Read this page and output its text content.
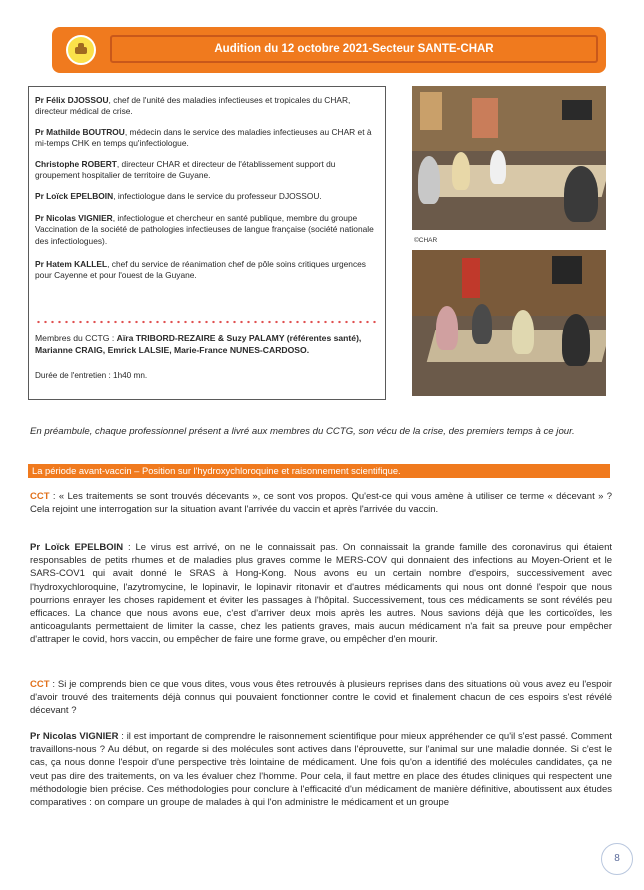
Audition du 12 octobre 2021-Secteur SANTE-CHAR
Pr Félix DJOSSOU, chef de l'unité des maladies infectieuses et tropicales du CHAR, directeur médical de crise.
Pr Mathilde BOUTROU, médecin dans le service des maladies infectieuses au CHAR et à mi-temps CHK en temps qu'infectiologue.
Christophe ROBERT, directeur CHAR et directeur de l'établissement support du groupement hospitalier de territoire de Guyane.
Pr Loïck EPELBOIN, infectiologue dans le service du professeur DJOSSOU.
Pr Nicolas VIGNIER, infectiologue et chercheur en santé publique, membre du groupe Vaccination de la société de pathologies infectieuses de langue française (société nationale des infectiologues).
Pr Hatem KALLEL, chef du service de réanimation chef de pôle soins critiques urgences pour Cayenne et pour l'ouest de la Guyane.
Membres du CCTG : Aïra TRIBORD-REZAIRE & Suzy PALAMY (référentes santé), Marianne CRAIG, Emrick LALSIE, Marie-France NUNES-CARDOSO.
Durée de l'entretien : 1h40 mn.
©CHAR
En préambule, chaque professionnel présent a livré aux membres du CCTG, son vécu de la crise, des premiers temps à ce jour.
La période avant-vaccin – Position sur l'hydroxychloroquine et raisonnement scientifique.
CCT : « Les traitements se sont trouvés décevants », ce sont vos propos. Qu'est-ce qui vous amène à utiliser ce terme « décevant » ? Cela rejoint une interrogation sur la situation avant l'arrivée du vaccin et après l'arrivée du vaccin.
Pr Loïck EPELBOIN : Le virus est arrivé, on ne le connaissait pas. On connaissait la grande famille des coronavirus qui étaient responsables de petits rhumes et de maladies plus graves comme le MERS-COV qui donnaient des infections au Moyen-Orient et le SARS-COV1 qui avait donné le SRAS à Hong-Kong. Nous avons eu un certain nombre d'espoirs, successivement avec l'hydroxychloroquine, l'azytromycine, le lopinavir, le lopinavir ritonavir et d'autres médicaments qui nous ont donné l'espoir que nous pourrions enrayer les choses rapidement et éviter les passages à l'hôpital. Successivement, tous ces médicaments se sont révélés peu efficaces. La chance que nous avons eue, c'est d'arriver deux mois après les autres. Nous savions déjà que les corticoïdes, les anticoagulants permettaient de limiter la casse, chez les patients graves, mais aucun médicament n'a fait sa preuve pour empêcher d'attraper le covid, hors vaccin, ou empêcher de faire une forme grave, ou empêcher d'en mourir.
CCT : Si je comprends bien ce que vous dites, vous vous êtes retrouvés à plusieurs reprises dans des situations où vous avez eu l'espoir d'avoir trouvé des traitements déjà connus qui pouvaient fonctionner contre le covid et finalement chacun de ces espoirs s'est révélé décevant ?
Pr Nicolas VIGNIER : il est important de comprendre le raisonnement scientifique pour mieux appréhender ce qu'il s'est passé. Comment travaillons-nous ? Au début, on regarde si des molécules sont actives dans l'éprouvette, sur l'animal sur une maladie donnée. Si c'est le cas, ça nous donne l'espoir d'une perspective très lointaine de médicament. Une fois qu'on a identifié des molécules candidates, ça ne veut pas dire des traitements, on va les évaluer chez l'homme. Pour cela, il faut mettre en place des études cliniques qui respectent une méthodologie bien précise. Ces méthodologies pour conclure à l'efficacité d'un médicament de manière définitive, aboutissent aux études comparatives : on compare un groupe de malades à qui l'on administre le médicament et un groupe
8
